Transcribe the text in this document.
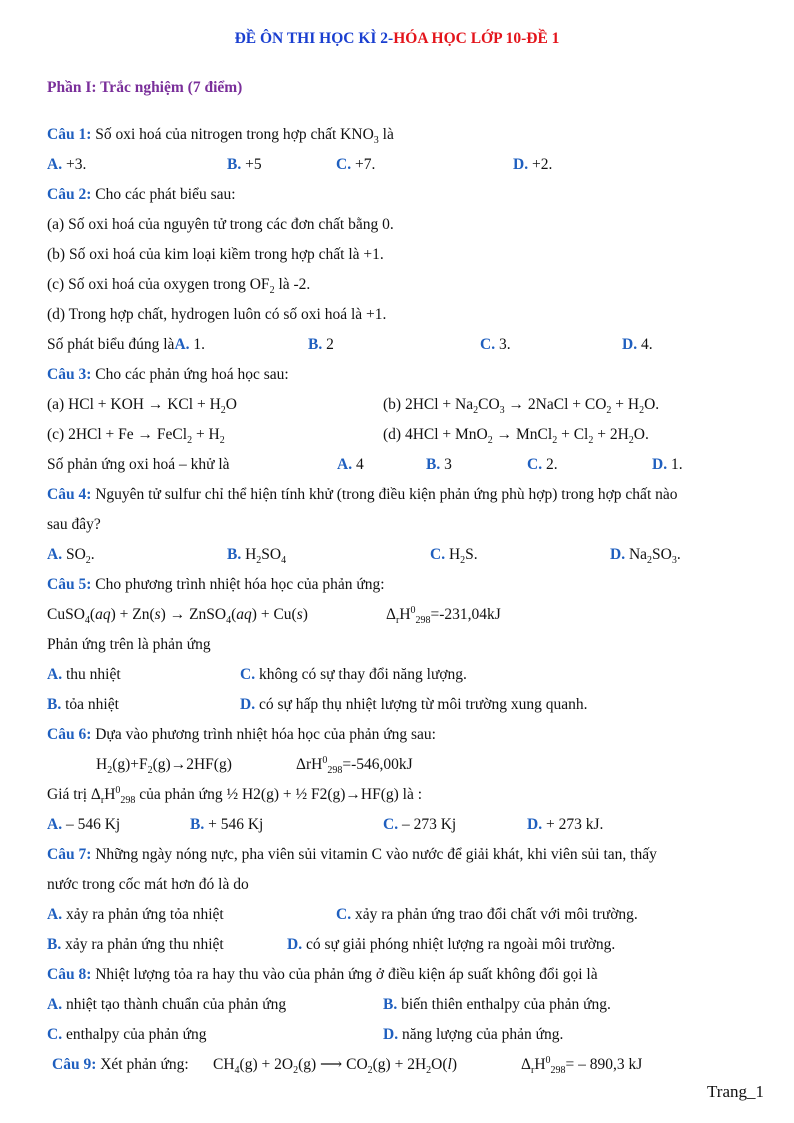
ĐỀ ÔN THI HỌC KÌ 2-HÓA HỌC LỚP 10-ĐỀ 1
Phần I: Trắc nghiệm (7 điểm)
Câu 1: Số oxi hoá của nitrogen trong hợp chất $KNO_3$ là
A. +3.	B. +5	C. +7.	D. +2.
Câu 2: Cho các phát biểu sau:
(a) Số oxi hoá của nguyên tử trong các đơn chất bằng 0.
(b) Số oxi hoá của kim loại kiềm trong hợp chất là +1.
(c) Số oxi hoá của oxygen trong $OF_2$ là -2.
(d) Trong hợp chất, hydrogen luôn có số oxi hoá là +1.
Số phát biểu đúng làA. 1.	B. 2	C. 3.	D. 4.
Câu 3: Cho các phản ứng hoá học sau:
(a) HCl + KOH → KCl + $H_2O$	(b) $2HCl + Na_2CO_3$ → 2NaCl + $CO_2 + H_2O$.
(c) 2HCl + Fe → FeCl$_2$ + $H_2$	(d) 4HCl + MnO$_2$ → MnCl$_2$ + $Cl_2 + 2H_2O$.
Số phản ứng oxi hoá – khử là	A. 4	B. 3	C. 2.	D. 1.
Câu 4: Nguyên tử sulfur chỉ thể hiện tính khử (trong điều kiện phản ứng phù hợp) trong hợp chất nào
sau đây?
A. $SO_2$.	B. $H_2SO_4$	C. $H_2S$.	D. $Na_2SO_3$.
Câu 5: Cho phương trình nhiệt hóa học của phản ứng:
CuSO$_4$(aq) + Zn(s) → ZnSO$_4$(aq) + Cu(s)	$\Delta_rH^0_{298}=-231,04kJ$
Phản ứng trên là phản ứng
A. thu nhiệt	C. không có sự thay đổi năng lượng.
B. tỏa nhiệt	D. có sự hấp thụ nhiệt lượng từ môi trường xung quanh.
Câu 6: Dựa vào phương trình nhiệt hóa học của phản ứng sau:
$H_2(g)+F_2(g)\to 2HF(g)$	ΔrH$^0_{298}$=-546,00kJ
Giá trị $\Delta_rH^0_{298}$ của phản ứng ½ H2(g) + ½ F2(g)→HF(g) là :
A. – 546 Kj	B. + 546 Kj	C. – 273 Kj	D. + 273 kJ.
Câu 7: Những ngày nóng nực, pha viên sủi vitamin C vào nước để giải khát, khi viên sủi tan, thấy
nước trong cốc mát hơn đó là do
A. xảy ra phản ứng tỏa nhiệt	C. xảy ra phản ứng trao đổi chất với môi trường.
B. xảy ra phản ứng thu nhiệt	D. có sự giải phóng nhiệt lượng ra ngoài môi trường.
Câu 8: Nhiệt lượng tỏa ra hay thu vào của phản ứng ở điều kiện áp suất không đổi gọi là
A. nhiệt tạo thành chuẩn của phản ứng	B. biến thiên enthalpy của phản ứng.
C. enthalpy của phản ứng	D. năng lượng của phản ứng.
Câu 9: Xét phản ứng: $CH_4(g) + 2O_2(g)$ ⟶ $CO_2(g) + 2H_2O(l)$	$\Delta_rH^0_{298}= - 890,3$ kJ
Trang_1
